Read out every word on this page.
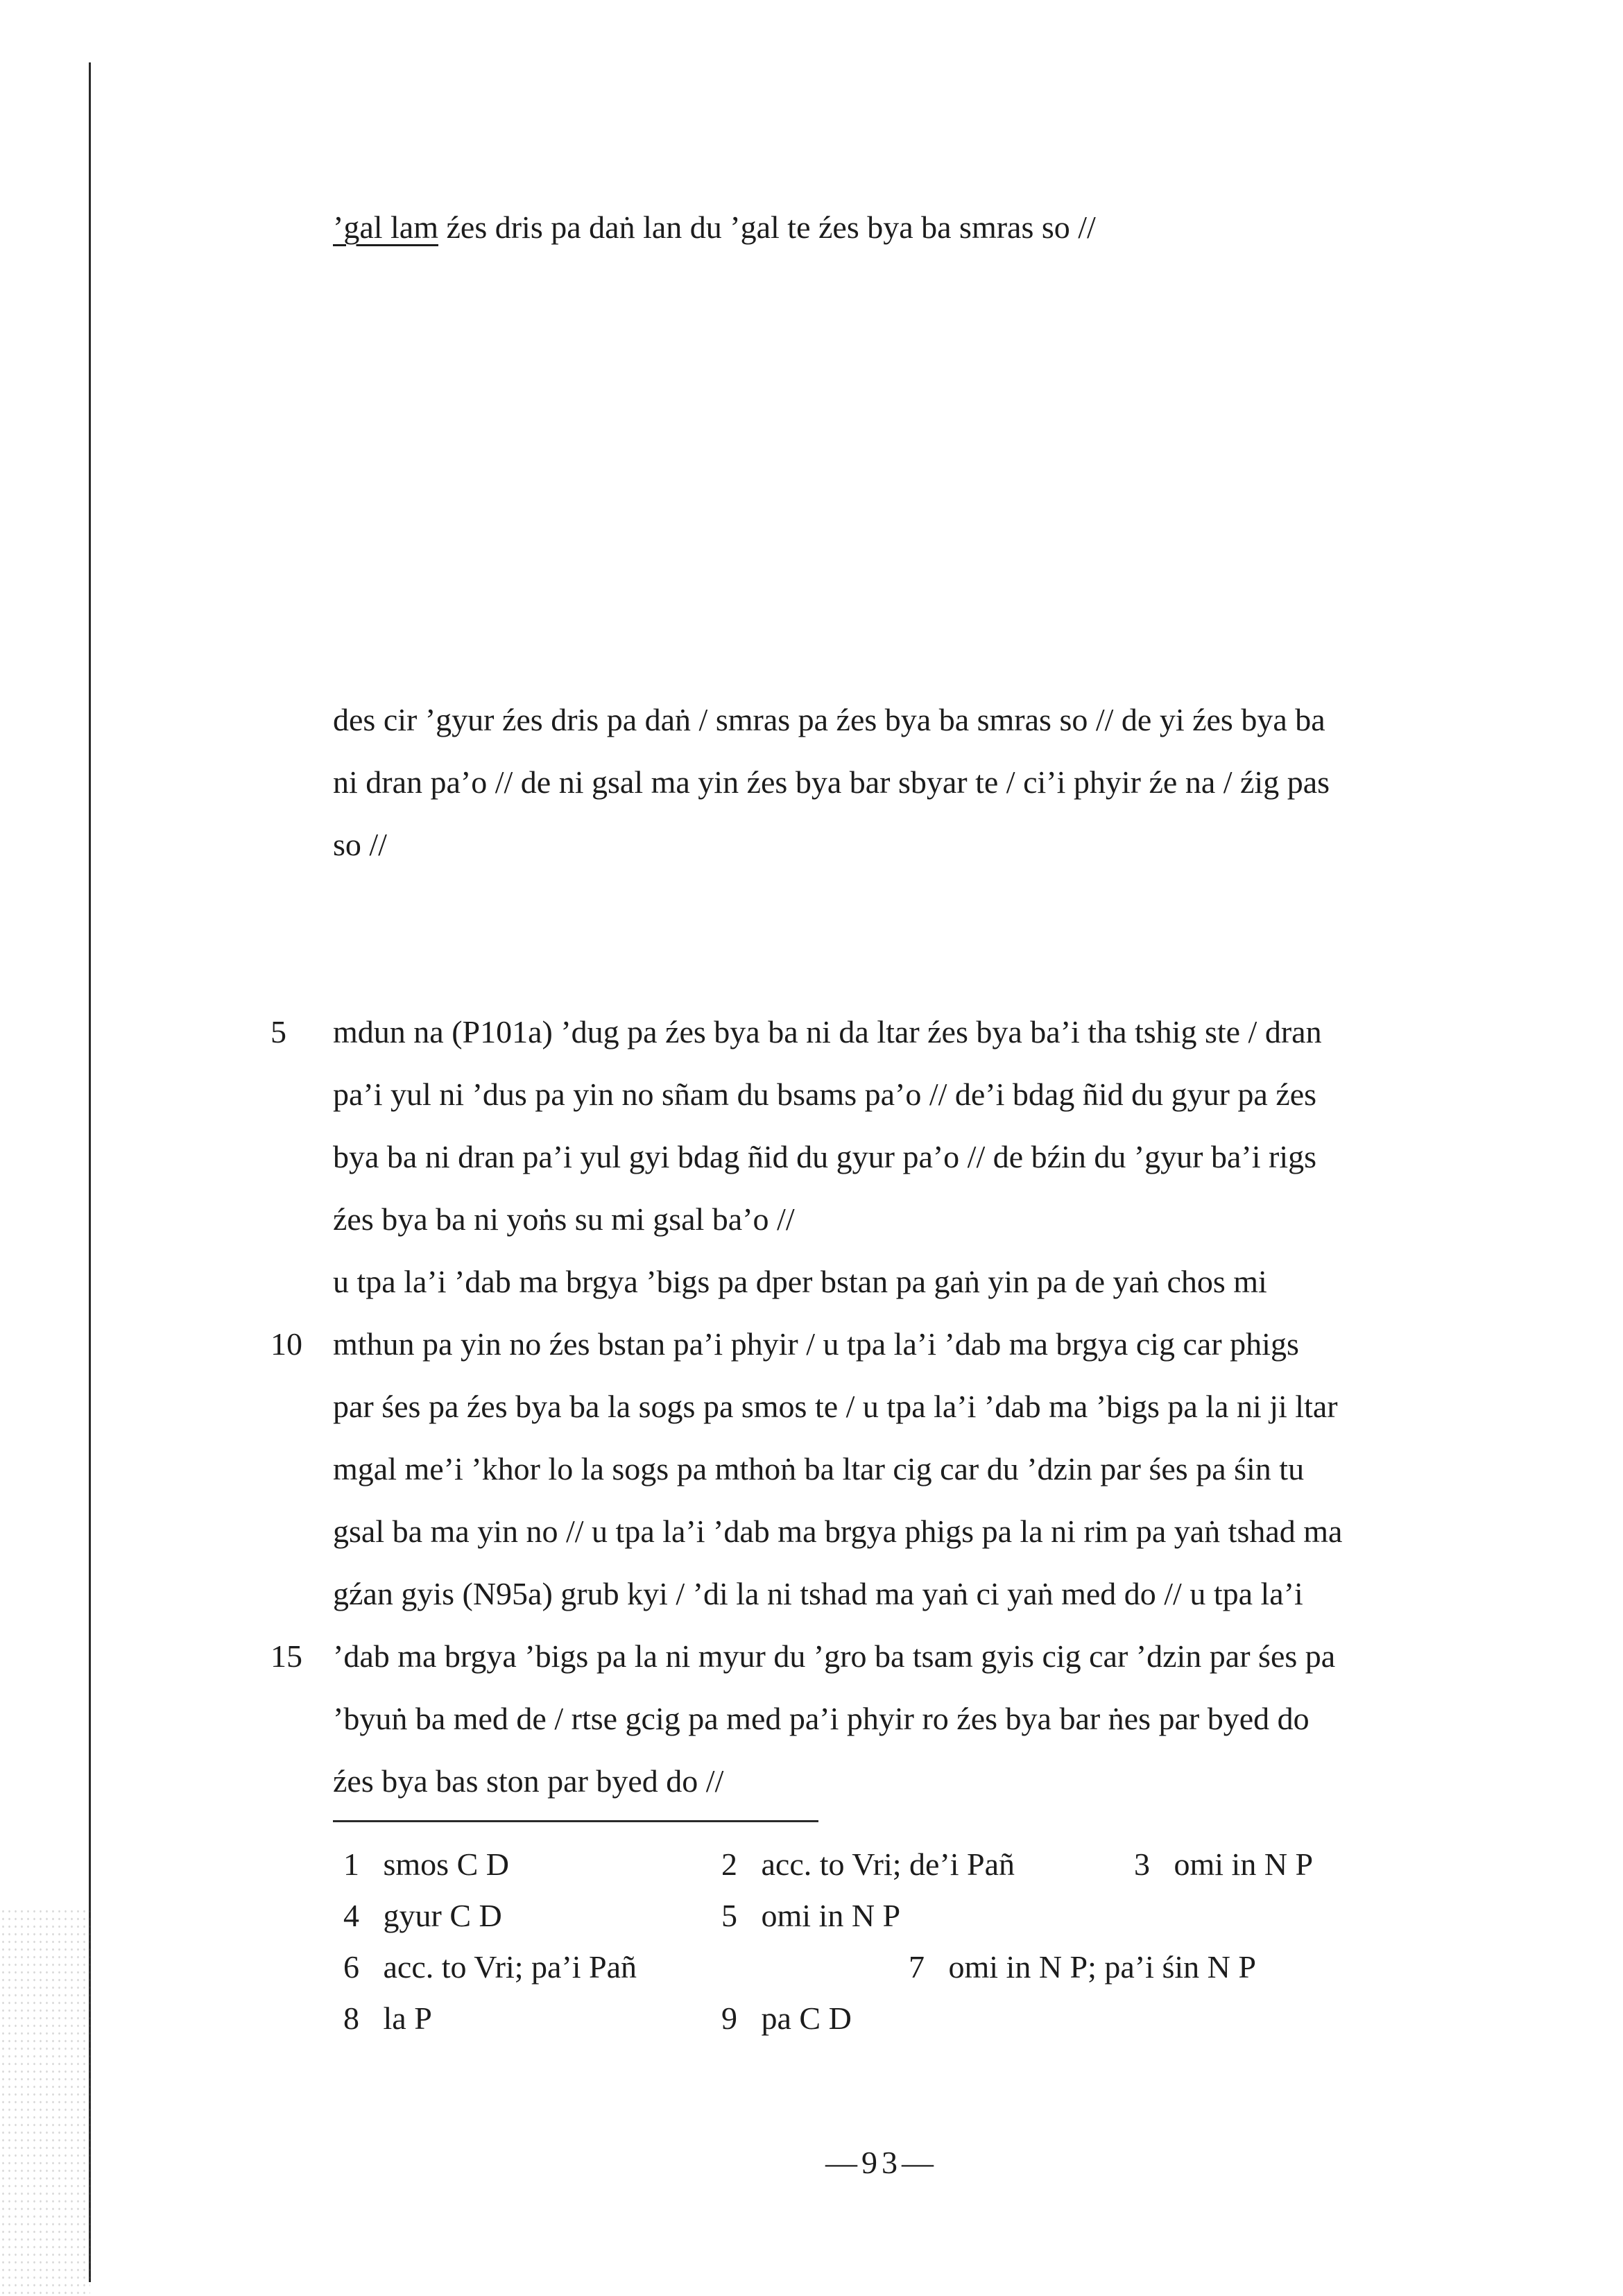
’gal lam źes dris pa daṅ lan du ’gal te źes bya ba smras so //
des cir ’gyur źes dris pa daṅ / smras pa źes bya ba smras so // de yi źes bya ba
ni dran pa’o // de ni gsal ma yin źes bya bar sbyar te / ci’i phyir źe na / źig pas
so //
5 mdun na (P101a) ’dug pa źes bya ba ni da ltar źes bya ba’i tha tshig ste / dran
pa’i yul ni ’dus pa yin no sñam du bsams pa’o // de’i bdag ñid du gyur pa źes
bya ba ni dran pa’i yul gyi bdag ñid du gyur pa’o // de bźin du ’gyur ba’i rigs
źes bya ba ni yoṅs su mi gsal ba’o //
u tpa la’i ’dab ma brgya ’bigs pa dper bstan pa gaṅ yin pa de yaṅ chos mi
10 mthun pa yin no źes bstan pa’i phyir / u tpa la’i ’dab ma brgya cig car phigs
par śes pa źes bya ba la sogs pa smos te / u tpa la’i ’dab ma ’bigs pa la ni ji ltar
mgal me’i ’khor lo la sogs pa mthoṅ ba ltar cig car du ’dzin par śes pa śin tu
gsal ba ma yin no // u tpa la’i ’dab ma brgya phigs pa la ni rim pa yaṅ tshad ma
gźan gyis (N95a) grub kyi / ’di la ni tshad ma yaṅ ci yaṅ med do // u tpa la’i
15 ’dab ma brgya ’bigs pa la ni myur du ’gro ba tsam gyis cig car ’dzin par śes pa
’byuṅ ba med de / rtse gcig pa med pa’i phyir ro źes bya bar ṅes par byed do
źes bya bas ston par byed do //
1 smos C D	2 acc. to Vri; de’i Pañ	3 omi in N P
4 gyur C D	5 omi in N P
6 acc. to Vri; pa’i Pañ	7 omi in N P; pa’i śin N P
8 la P	9 pa C D
—93—
